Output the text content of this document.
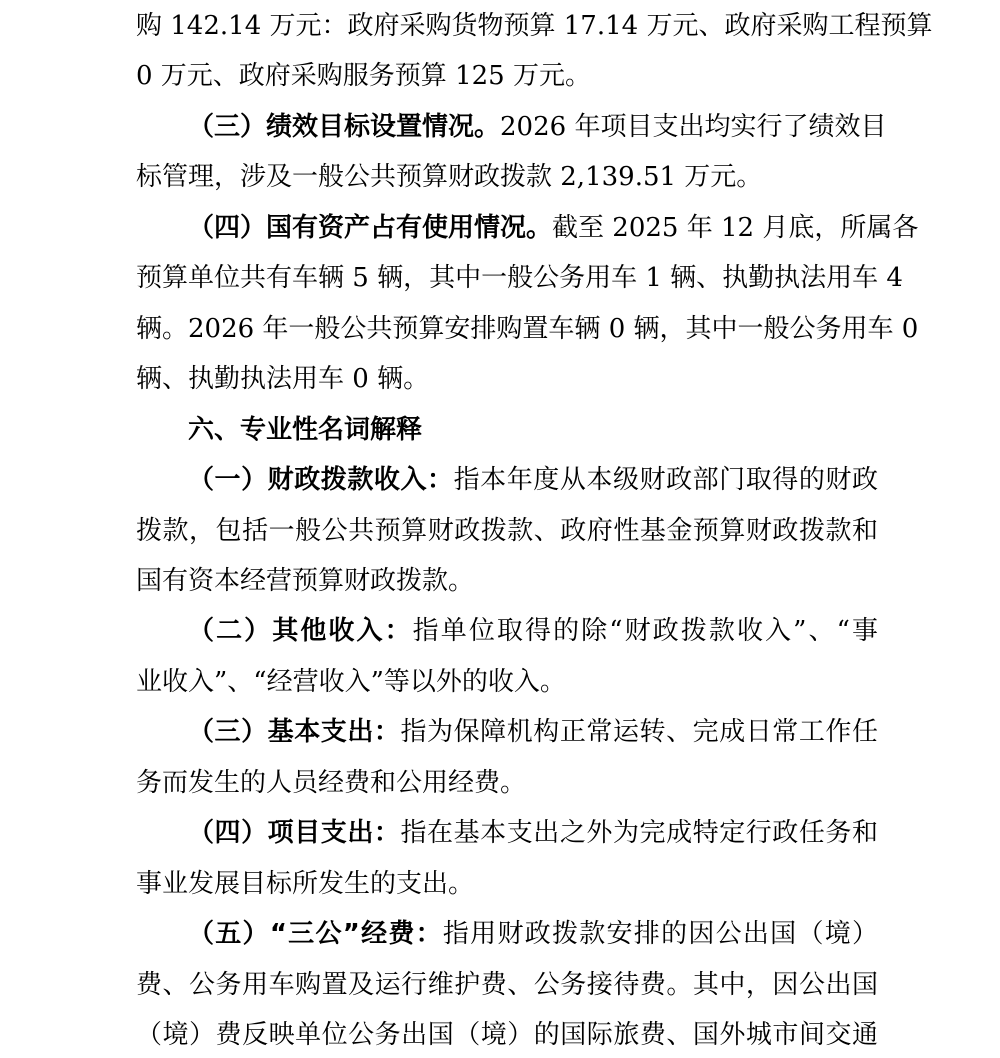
购 142.14 万元：政府采购货物预算 17.14 万元、政府采购工程预算
0 万元、政府采购服务预算 125 万元。
（三）绩效目标设置情况。2026 年项目支出均实行了绩效目
标管理，涉及一般公共预算财政拨款 2,139.51 万元。
（四）国有资产占有使用情况。截至 2025 年 12 月底，所属各
预算单位共有车辆 5 辆，其中一般公务用车 1 辆、执勤执法用车 4
辆。2026 年一般公共预算安排购置车辆 0 辆，其中一般公务用车 0
辆、执勤执法用车 0 辆。
六、专业性名词解释
（一）财政拨款收入：指本年度从本级财政部门取得的财政
拨款，包括一般公共预算财政拨款、政府性基金预算财政拨款和
国有资本经营预算财政拨款。
（二）其他收入：指单位取得的除“财政拨款收入”、“事
业收入”、“经营收入”等以外的收入。
（三）基本支出：指为保障机构正常运转、完成日常工作任
务而发生的人员经费和公用经费。
（四）项目支出：指在基本支出之外为完成特定行政任务和
事业发展目标所发生的支出。
（五）“三公”经费：指用财政拨款安排的因公出国（境）
费、公务用车购置及运行维护费、公务接待费。其中，因公出国
（境）费反映单位公务出国（境）的国际旅费、国外城市间交通
